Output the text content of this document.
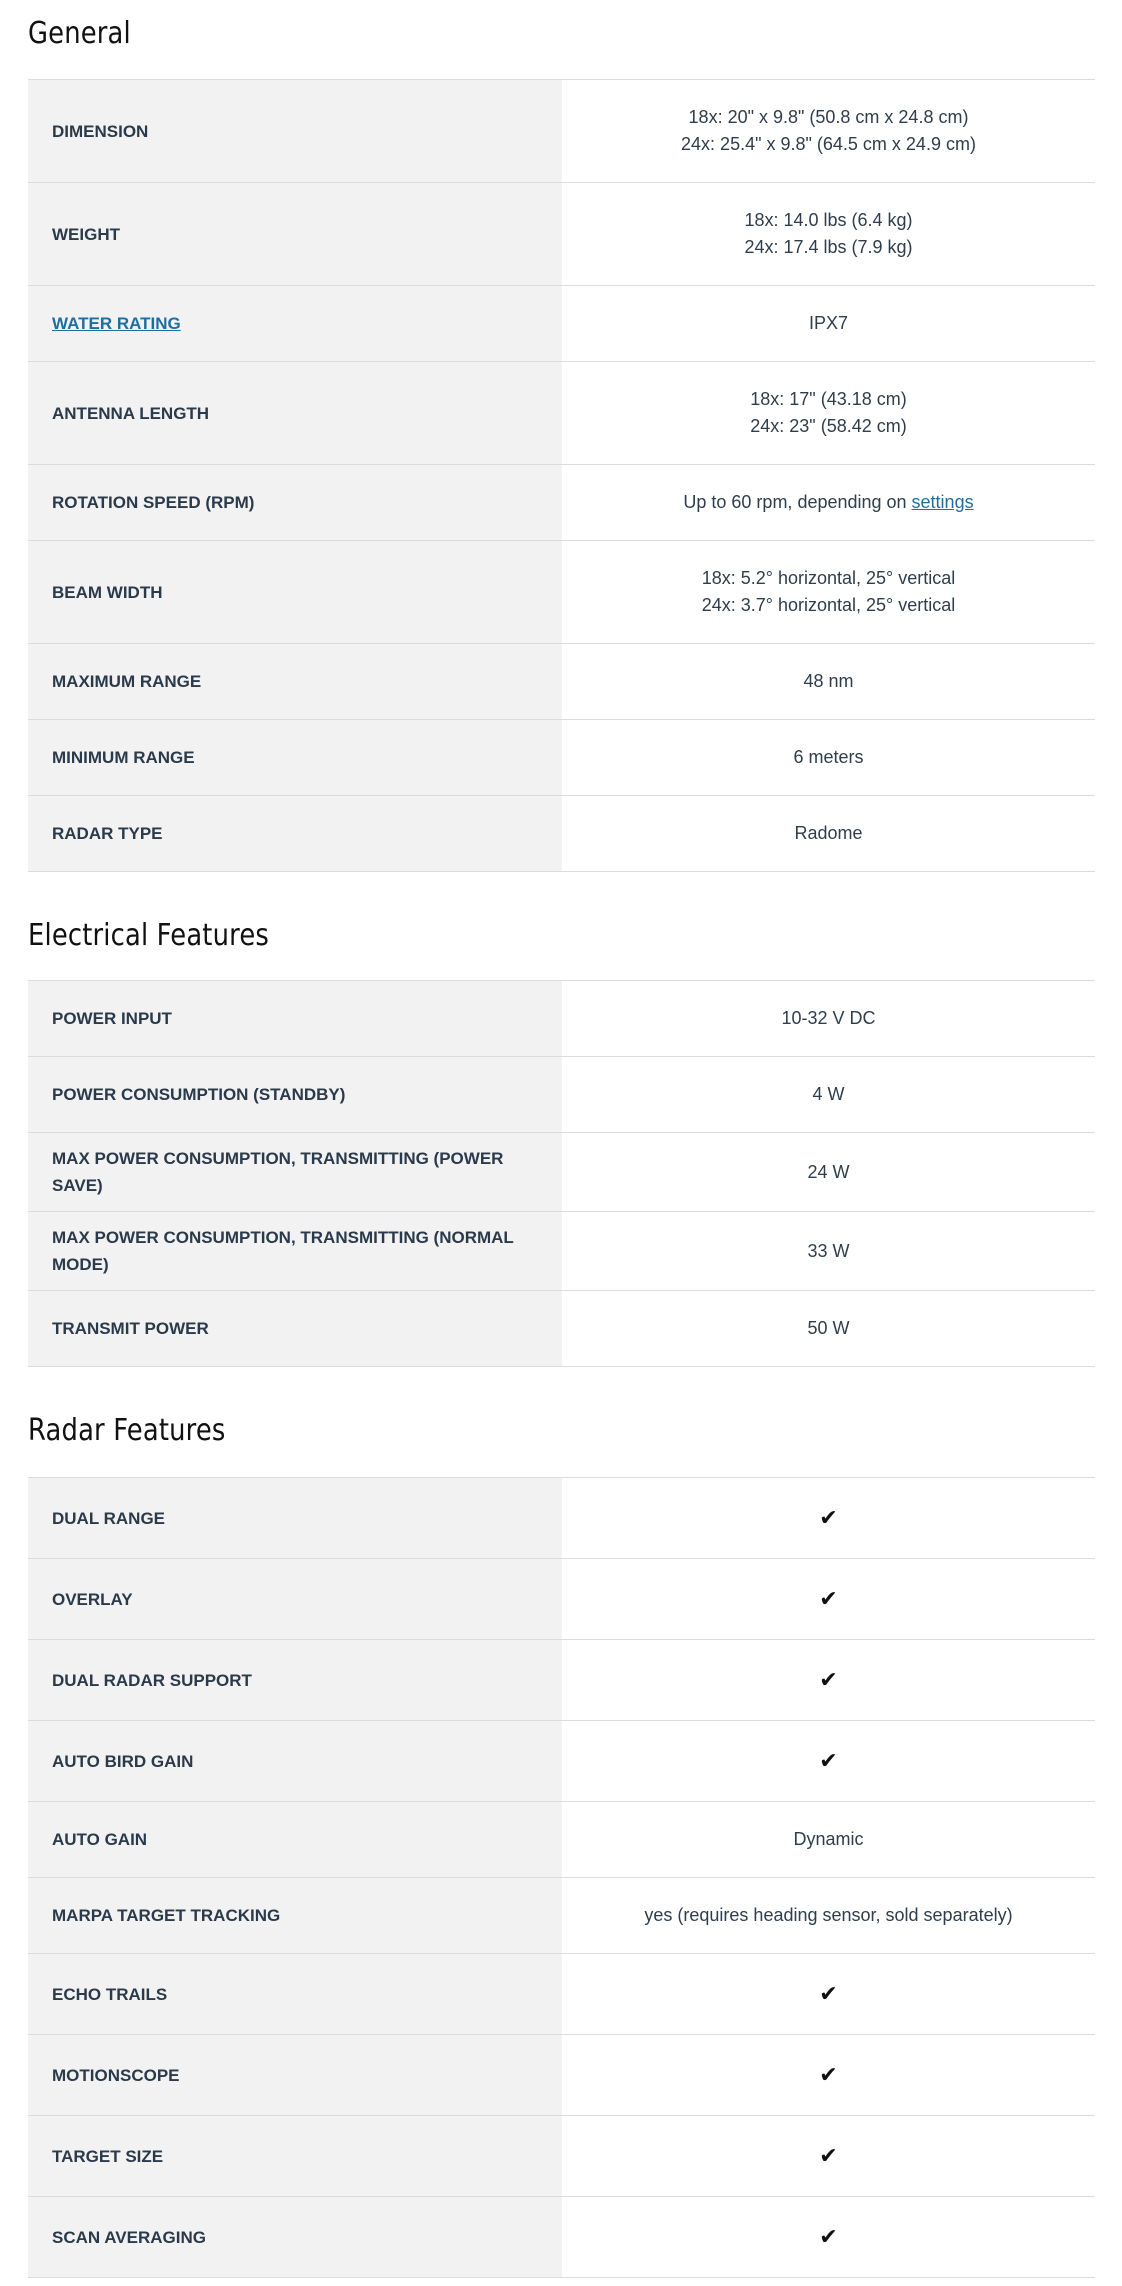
General
DIMENSION	18x: 20" x 9.8" (50.8 cm x 24.8 cm)
24x: 25.4" x 9.8" (64.5 cm x 24.9 cm)

WEIGHT	18x: 14.0 lbs (6.4 kg)
24x: 17.4 lbs (7.9 kg)

WATER RATING	IPX7
ANTENNA LENGTH	18x: 17" (43.18 cm)
24x: 23" (58.42 cm)

ROTATION SPEED (RPM)	Up to 60 rpm, depending on settings
BEAM WIDTH	18x: 5.2° horizontal, 25° vertical
24x: 3.7° horizontal, 25° vertical

MAXIMUM RANGE	48 nm
MINIMUM RANGE	6 meters
RADAR TYPE	Radome
Electrical Features
POWER INPUT	10-32 V DC
POWER CONSUMPTION (STANDBY)	4 W
MAX POWER CONSUMPTION, TRANSMITTING (POWER SAVE)	24 W
MAX POWER CONSUMPTION, TRANSMITTING (NORMAL MODE)	33 W
TRANSMIT POWER	50 W
Radar Features
DUAL RANGE	✔
OVERLAY	✔
DUAL RADAR SUPPORT	✔
AUTO BIRD GAIN	✔
AUTO GAIN	Dynamic
MARPA TARGET TRACKING	yes (requires heading sensor, sold separately)
ECHO TRAILS	✔
MOTIONSCOPE	✔
TARGET SIZE	✔
SCAN AVERAGING	✔
